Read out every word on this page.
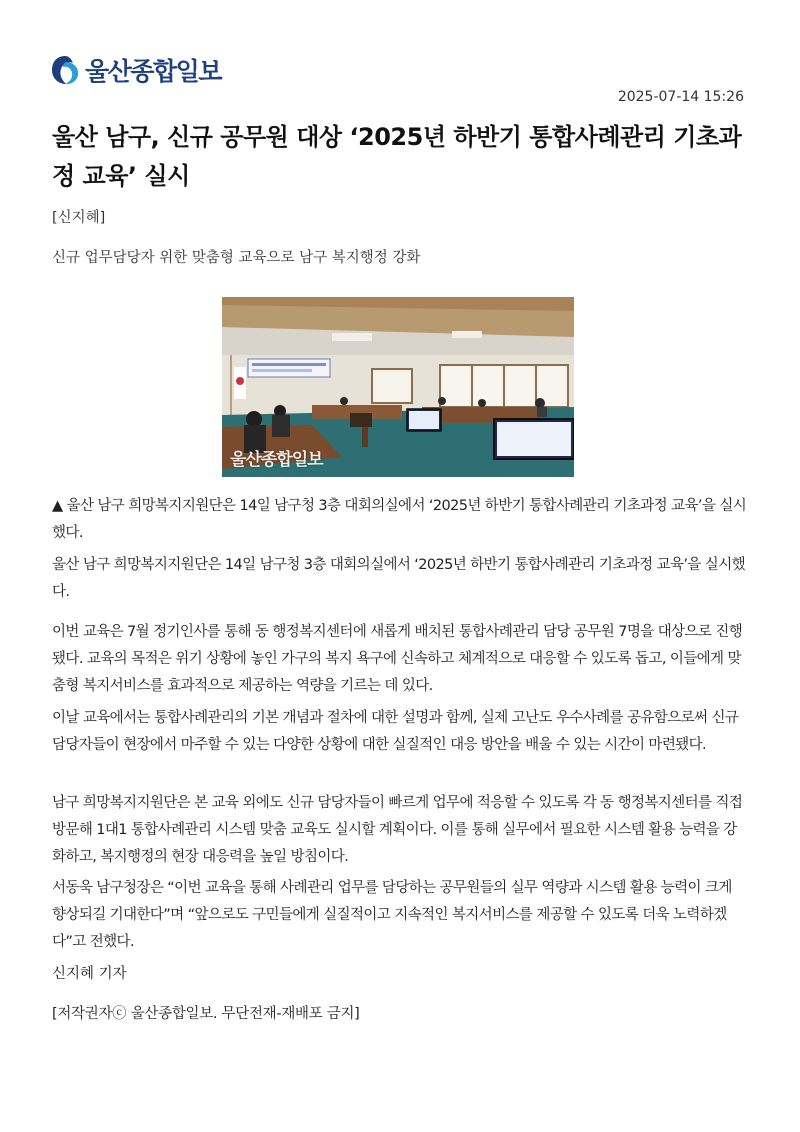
울산종합일보
2025-07-14 15:26
울산 남구, 신규 공무원 대상 ‘2025년 하반기 통합사례관리 기초과정 교육’ 실시
[신지혜]
신규 업무담당자 위한 맞춤형 교육으로 남구 복지행정 강화
울산종합일보

▲ 울산 남구 희망복지지원단은 14일 남구청 3층 대회의실에서 ‘2025년 하반기 통합사례관리 기초과정 교육’을 실시했다.

울산 남구 희망복지지원단은 14일 남구청 3층 대회의실에서 ‘2025년 하반기 통합사례관리 기초과정 교육’을 실시했다.

이번 교육은 7월 정기인사를 통해 동 행정복지센터에 새롭게 배치된 통합사례관리 담당 공무원 7명을 대상으로 진행됐다. 교육의 목적은 위기 상황에 놓인 가구의 복지 욕구에 신속하고 체계적으로 대응할 수 있도록 돕고, 이들에게 맞춤형 복지서비스를 효과적으로 제공하는 역량을 기르는 데 있다.

이날 교육에서는 통합사례관리의 기본 개념과 절차에 대한 설명과 함께, 실제 고난도 우수사례를 공유함으로써 신규 담당자들이 현장에서 마주할 수 있는 다양한 상황에 대한 실질적인 대응 방안을 배울 수 있는 시간이 마련됐다.

남구 희망복지지원단은 본 교육 외에도 신규 담당자들이 빠르게 업무에 적응할 수 있도록 각 동 행정복지센터를 직접 방문해 1대1 통합사례관리 시스템 맞춤 교육도 실시할 계획이다. 이를 통해 실무에서 필요한 시스템 활용 능력을 강화하고, 복지행정의 현장 대응력을 높일 방침이다.

서동욱 남구청장은 “이번 교육을 통해 사례관리 업무를 담당하는 공무원들의 실무 역량과 시스템 활용 능력이 크게 향상되길 기대한다”며 “앞으로도 구민들에게 실질적이고 지속적인 복지서비스를 제공할 수 있도록 더욱 노력하겠다”고 전했다.

신지혜 기자
[저작권자ⓒ 울산종합일보. 무단전재-재배포 금지]
